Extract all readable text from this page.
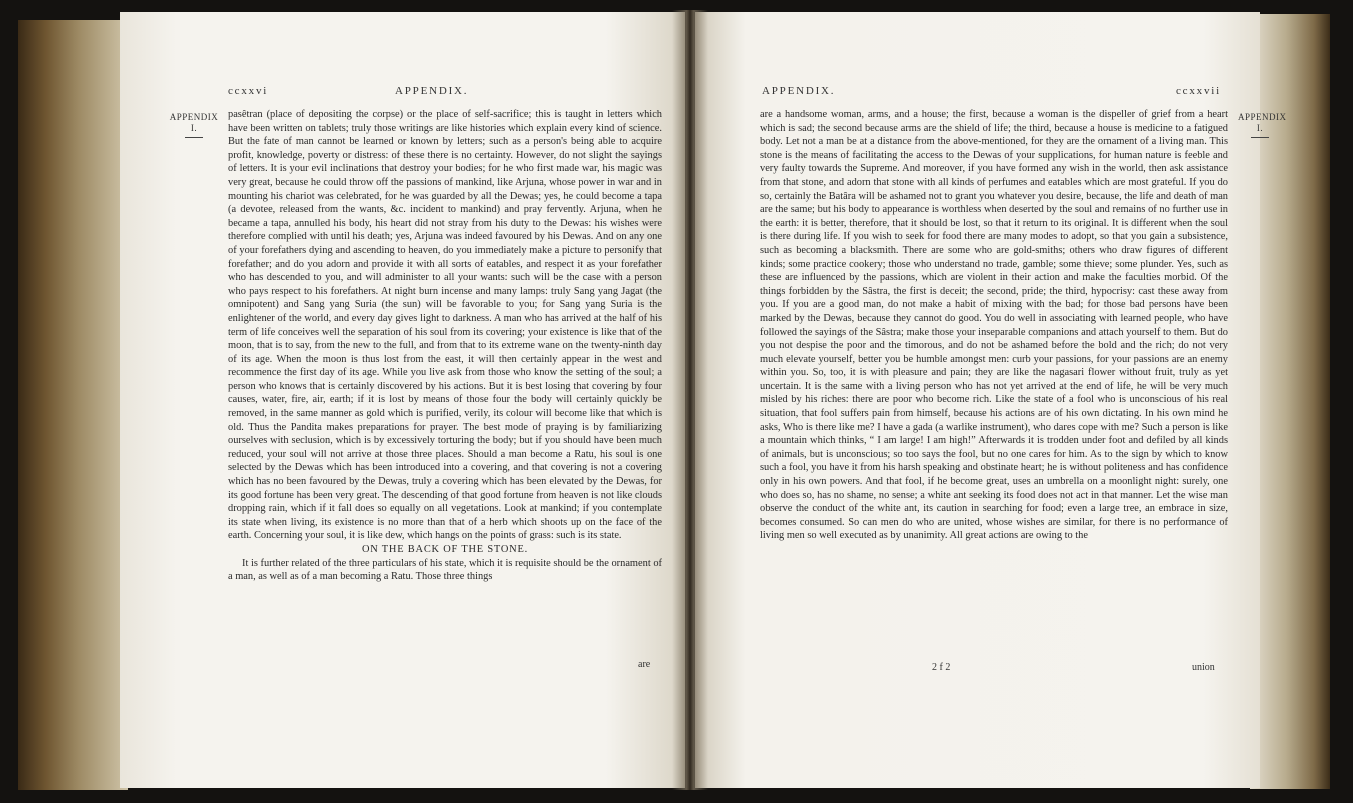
ccxxvi	APPENDIX.
APPENDIX
I.

pasêtran (place of depositing the corpse) or the place of self-sacrifice; this is taught in letters which have been written on tablets; truly those writings are like histories which explain every kind of science. But the fate of man cannot be learned or known by letters; such as a person's being able to acquire profit, knowledge, poverty or distress: of these there is no certainty. However, do not slight the sayings of letters. It is your evil inclinations that destroy your bodies; for he who first made war, his magic was very great, because he could throw off the passions of mankind, like Arjuna, whose power in war and in mounting his chariot was celebrated, for he was guarded by all the Dewas; yes, he could become a tapa (a devotee, released from the wants, &c. incident to mankind) and pray fervently. Arjuna, when he became a tapa, annulled his body, his heart did not stray from his duty to the Dewas: his wishes were therefore complied with until his death; yes, Arjuna was indeed favoured by his Dewas. And on any one of your forefathers dying and ascending to heaven, do you immediately make a picture to personify that forefather; and do you adorn and provide it with all sorts of eatables, and respect it as your forefather who has descended to you, and will administer to all your wants: such will be the case with a person who pays respect to his forefathers. At night burn incense and many lamps: truly Sang yang Jagat (the omnipotent) and Sang yang Suria (the sun) will be favorable to you; for Sang yang Suria is the enlightener of the world, and every day gives light to darkness. A man who has arrived at the half of his term of life conceives well the separation of his soul from its covering; your existence is like that of the moon, that is to say, from the new to the full, and from that to its extreme wane on the twenty-ninth day of its age. When the moon is thus lost from the east, it will then certainly appear in the west and recommence the first day of its age. While you live ask from those who know the setting of the soul; a person who knows that is certainly discovered by his actions. But it is best losing that covering by four causes, water, fire, air, earth; if it is lost by means of those four the body will certainly quickly be removed, in the same manner as gold which is purified, verily, its colour will become like that which is old. Thus the Pandita makes preparations for prayer. The best mode of praying is by familiarizing ourselves with seclusion, which is by excessively torturing the body; but if you should have been much reduced, your soul will not arrive at those three places. Should a man become a Ratu, his soul is one selected by the Dewas which has been introduced into a covering, and that covering is not a covering which has no been favoured by the Dewas, truly a covering which has been elevated by the Dewas, for its good fortune has been very great. The descending of that good fortune from heaven is not like clouds dropping rain, which if it fall does so equally on all vegetations. Look at mankind; if you contemplate its state when living, its existence is no more than that of a herb which shoots up on the face of the earth. Concerning your soul, it is like dew, which hangs on the points of grass: such is its state.

ON THE BACK OF THE STONE.

It is further related of the three particulars of his state, which it is requisite should be the ornament of a man, as well as of a man becoming a Ratu. Those three things

are
APPENDIX.	ccxxvii
APPENDIX
I.

are a handsome woman, arms, and a house; the first, because a woman is the dispeller of grief from a heart which is sad; the second because arms are the shield of life; the third, because a house is medicine to a fatigued body. Let not a man be at a distance from the above-mentioned, for they are the ornament of a living man. This stone is the means of facilitating the access to the Dewas of your supplications, for human nature is feeble and very faulty towards the Supreme. And moreover, if you have formed any wish in the world, then ask assistance from that stone, and adorn that stone with all kinds of perfumes and eatables which are most grateful. If you do so, certainly the Batâra will be ashamed not to grant you whatever you desire, because, the life and death of man are the same; but his body to appearance is worthless when deserted by the soul and remains of no further use in the earth: it is better, therefore, that it should be lost, so that it return to its original. It is different when the soul is there during life. If you wish to seek for food there are many modes to adopt, so that you gain a subsistence, such as becoming a blacksmith. There are some who are gold-smiths; others who draw figures of different kinds; some practice cookery; those who understand no trade, gamble; some thieve; some plunder. Yes, such as these are influenced by the passions, which are violent in their action and make the faculties morbid. Of the things forbidden by the Sâstra, the first is deceit; the second, pride; the third, hypocrisy: cast these away from you. If you are a good man, do not make a habit of mixing with the bad; for those bad persons have been marked by the Dewas, because they cannot do good. You do well in associating with learned people, who have followed the sayings of the Sâstra; make those your inseparable companions and attach yourself to them. But do you not despise the poor and the timorous, and do not be ashamed before the bold and the rich; do not very much elevate yourself, better you be humble amongst men: curb your passions, for your passions are an enemy within you. So, too, it is with pleasure and pain; they are like the nagasari flower without fruit, truly as yet uncertain. It is the same with a living person who has not yet arrived at the end of life, he will be very much misled by his riches: there are poor who become rich. Like the state of a fool who is unconscious of his real situation, that fool suffers pain from himself, because his actions are of his own dictating. In his own mind he asks, Who is there like me? I have a gada (a warlike instrument), who dares cope with me? Such a person is like a mountain which thinks, “ I am large! I am high!” Afterwards it is trodden under foot and defiled by all kinds of animals, but is unconscious; so too says the fool, but no one cares for him. As to the sign by which to know such a fool, you have it from his harsh speaking and obstinate heart; he is without politeness and has confidence only in his own powers. And that fool, if he become great, uses an umbrella on a moonlight night: surely, one who does so, has no shame, no sense; a white ant seeking its food does not act in that manner. Let the wise man observe the conduct of the white ant, its caution in searching for food; even a large tree, an embrace in size, becomes consumed. So can men do who are united, whose wishes are similar, for there is no performance of living men so well executed as by unanimity. All great actions are owing to the

2 f 2	union
